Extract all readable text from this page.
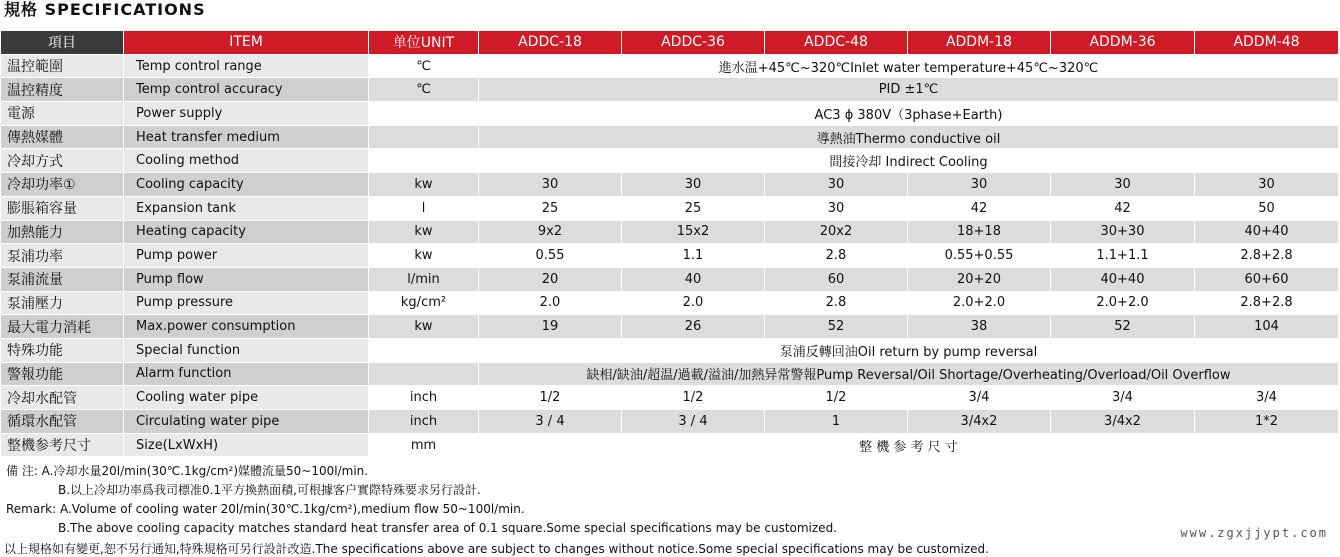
規格 SPECIFICATIONS
項目	ITEM	单位UNIT	ADDC-18	ADDC-36	ADDC-48	ADDM-18	ADDM-36	ADDM-48
温控範圍	Temp control range	℃	進水温+45℃~320℃Inlet water temperature+45℃~320℃					
温控精度	Temp control accuracy	℃	PID ±1℃					
電源	Power supply		AC3 ϕ 380V（3phase+Earth)					
傳熱媒體	Heat transfer medium		導熱油Thermo conductive oil					
冷却方式	Cooling method		間接冷却 Indirect Cooling					
冷却功率①	Cooling capacity	kw	30	30	30	30	30	30
膨脹箱容量	Expansion tank	l	25	25	30	42	42	50
加熱能力	Heating capacity	kw	9x2	15x2	20x2	18+18	30+30	40+40
泵浦功率	Pump power	kw	0.55	1.1	2.8	0.55+0.55	1.1+1.1	2.8+2.8
泵浦流量	Pump flow	l/min	20	40	60	20+20	40+40	60+60
泵浦壓力	Pump pressure	kg/cm²	2.0	2.0	2.8	2.0+2.0	2.0+2.0	2.8+2.8
最大電力消耗	Max.power consumption	kw	19	26	52	38	52	104
特殊功能	Special function		泵浦反轉回油Oil return by pump reversal					
警報功能	Alarm function		缺相/缺油/超温/過載/溢油/加熱异常警報Pump Reversal/Oil Shortage/Overheating/Overload/Oil Overflow					
冷却水配管	Cooling water pipe	inch	1/2	1/2	1/2	3/4	3/4	3/4
循環水配管	Circulating water pipe	inch	3 / 4	3 / 4	1	3/4x2	3/4x2	1*2
整機参考尺寸	Size(LxWxH)	mm	整 機 参 考 尺 寸					
備 注: A.冷却水量20l/min(30℃.1kg/cm²)媒體流量50~100l/min.
B.以上冷却功率爲我司標准0.1平方換熱面積,可根據客户實際特殊要求另行設計.
Remark: A.Volume of cooling water 20l/min(30℃.1kg/cm²),medium flow 50~100l/min.
B.The above cooling capacity matches standard heat transfer area of 0.1 square.Some special specifications may be customized.	www.zgxjjypt.com
以上規格如有變更,恕不另行通知,特殊規格可另行設計改造.The specifications above are subject to changes without notice.Some special specifications may be customized.
